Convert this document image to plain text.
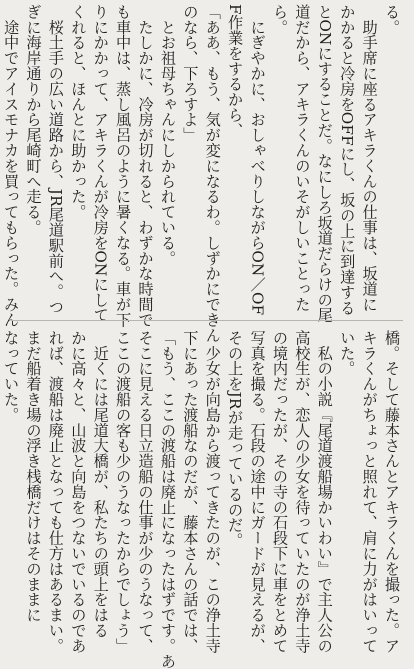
る。
　助手席に座るアキラくんの仕事は、坂道に
かかると冷房をOFFにし、坂の上に到達する
とONにすることだ。なにしろ坂道だらけの尾
道だから、アキラくんのいそがしいことった
ら。
　にぎやかに、おしゃべりしながらON／OF
F作業をするから、
「ああ、もう、気が変になるわ。しずかにできん
のなら、下ろすよ」
　とお祖母ちゃんにしかられている。
　たしかに、冷房が切れると、わずかな時間で
も車中は、蒸し風呂のように暑くなる。車が下
りにかかって、アキラくんが冷房をONにして
くれると、ほんとに助かった。
　桜土手の広い道路から、JR尾道駅前へ。つ
ぎに海岸通りから尾崎町へ走る。
　途中でアイスモナカを買ってもらった。みん
橋。そして藤本さんとアキラくんを撮った。ア
キラくんがちょっと照れて、肩に力がはいって
いた。
　私の小説『尾道渡船場かいわい』で主人公の
高校生が、恋人の少女を待っていたのが浄土寺
の境内だったが、その寺の石段下に車をとめて
写真を撮る。石段の途中にガードが見えるが、
その上をJRが走っているのだ。
　少女が向島から渡ってきたのが、この浄土寺
下にあった渡船なのだが、藤本さんの話では、
「もう、ここの渡船は廃止になったはずです。あ
そこに見える日立造船の仕事が少のうなって、
ここの渡船の客も少のうなったからでしょう」
　近くには尾道大橋が、私たちの頭上をはる
かに高々と、山波と向島をつないでいるのであ
れば、渡船は廃止となっても仕方はあるまい。
まだ船着き場の浮き桟橋だけはそのままに
なっていた。
